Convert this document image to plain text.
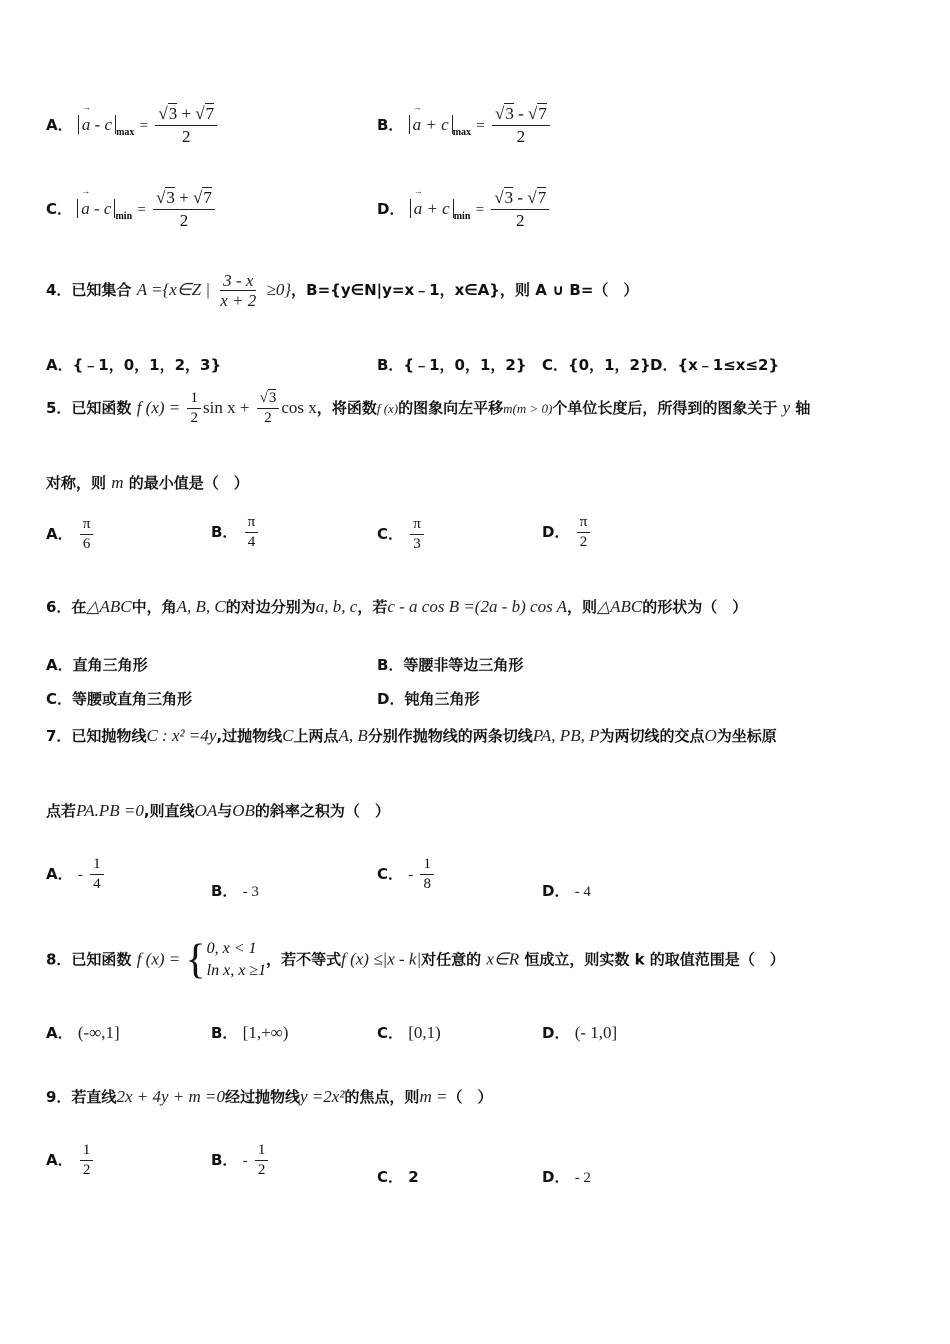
A． → a - c $_{max} = \frac{√3 + √7}{2}$	B． → a + c $_{max} = \frac{√3 - √7}{2}$
C． → a - c $_{min} = \frac{√3 + √7}{2}$	D． → a + c $_{min} = \frac{√3 - √7}{2}$
4．已知集合 A ={x∈Z | $\frac{3 - x}{x + 2} \ge 0$}，B={y∈N|y=x﹣1，x∈A}，则 A ∪ B=（　）
A．{﹣1，0，1，2，3}	B．{﹣1，0，1，2} C．{0，1，2} D．{x﹣1≤x≤2}
5．已知函数 f $(x) = \frac{1}{2}$ $\sin x + \frac{√3}{2}$ cos x，将函数f (x)的图象向左平移m(m > 0)个单位长度后，所得到的图象关于 y 轴
对称，则 m 的最小值是（　）
A． $\frac{\pi}{6}$	B． $\frac{\pi}{4}$	C． $\frac{\pi}{3}$	D． $\frac{\pi}{2}$
6．在△ABC中，角A, B, C的对边分别为a, b, c，若c - a cos B =(2a - b) cos A，则△ABC的形状为（　）
A．直角三角形	B．等腰非等边三角形
C．等腰或直角三角形	D．钝角三角形
7．已知抛物线C : x² =4y,过抛物线C上两点A, B分别作抛物线的两条切线PA, PB, P为两切线的交点O为坐标原
点若PA.PB =0,则直线OA与OB的斜率之积为（　）
A． - $\frac{1}{4}$	B． - 3
C． - $\frac{1}{8}$	D． - 4
8．已知函数 f (x) = { 0, x < 1
ln x, x ≥1
，若不等式f (x) ≤|x - k|对任意的 x∈R 恒成立，则实数 k 的取值范围是（　）
A． (-∞,1]	B． [1,+∞)	C． [0,1)	D． (- 1,0]
9．若直线2x + 4y + m =0经过抛物线y =2x²的焦点，则m =（　）
A． $\frac{1}{2}$	B． - $\frac{1}{2}$	C． 2	D． - 2
